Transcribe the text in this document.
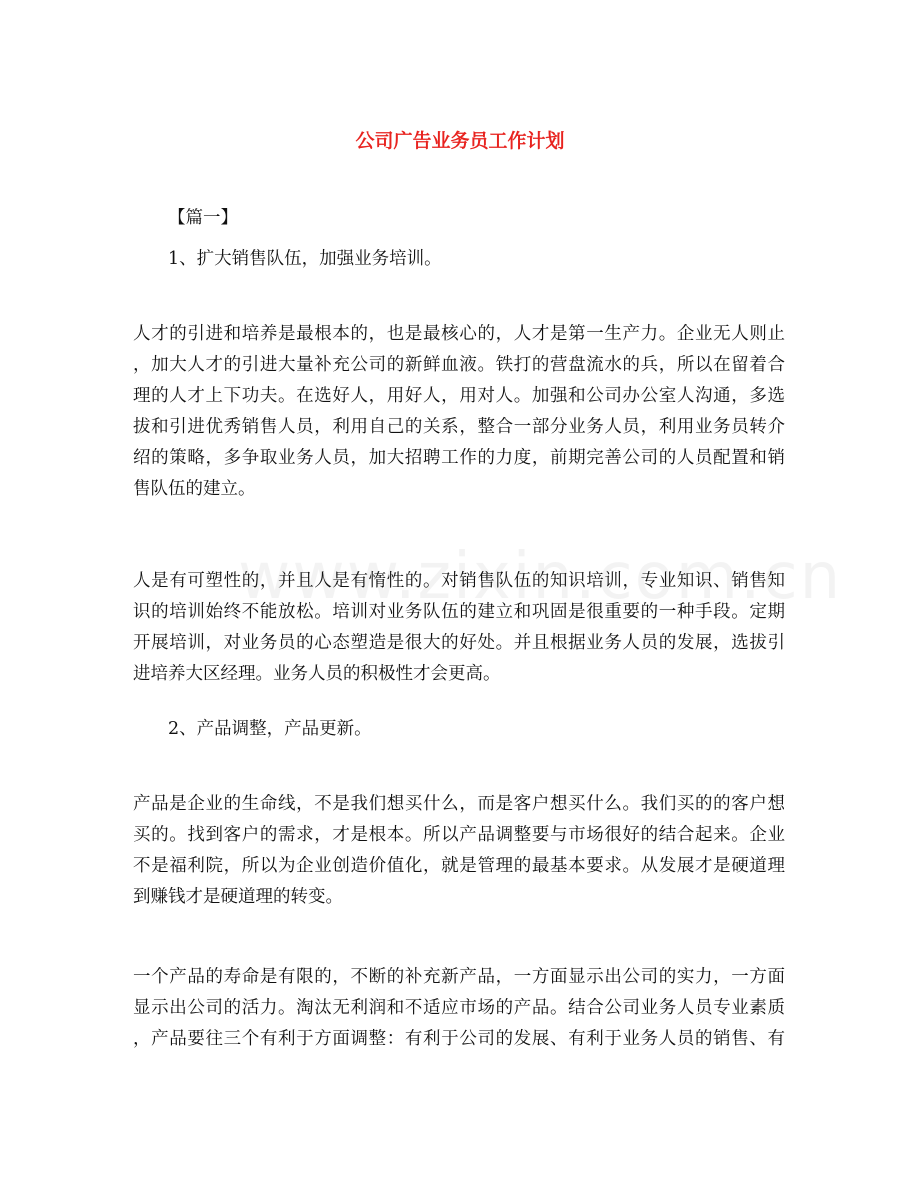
公司广告业务员工作计划

【篇一】

1、扩大销售队伍，加强业务培训。

人才的引进和培养是最根本的，也是最核心的，人才是第一生产力。企业无人则止
，加大人才的引进大量补充公司的新鲜血液。铁打的营盘流水的兵，所以在留着合
理的人才上下功夫。在选好人，用好人，用对人。加强和公司办公室人沟通，多选
拔和引进优秀销售人员，利用自己的关系，整合一部分业务人员，利用业务员转介
绍的策略，多争取业务人员，加大招聘工作的力度，前期完善公司的人员配置和销
售队伍的建立。
人是有可塑性的，并且人是有惰性的。对销售队伍的知识培训，专业知识、销售知
识的培训始终不能放松。培训对业务队伍的建立和巩固是很重要的一种手段。定期
开展培训，对业务员的心态塑造是很大的好处。并且根据业务人员的发展，选拔引
进培养大区经理。业务人员的积极性才会更高。

2、产品调整，产品更新。

产品是企业的生命线，不是我们想买什么，而是客户想买什么。我们买的的客户想
买的。找到客户的需求，才是根本。所以产品调整要与市场很好的结合起来。企业
不是福利院，所以为企业创造价值化，就是管理的最基本要求。从发展才是硬道理
到赚钱才是硬道理的转变。
一个产品的寿命是有限的，不断的补充新产品，一方面显示出公司的实力，一方面
显示出公司的活力。淘汰无利润和不适应市场的产品。结合公司业务人员专业素质
，产品要往三个有利于方面调整：有利于公司的发展、有利于业务人员的销售、有
